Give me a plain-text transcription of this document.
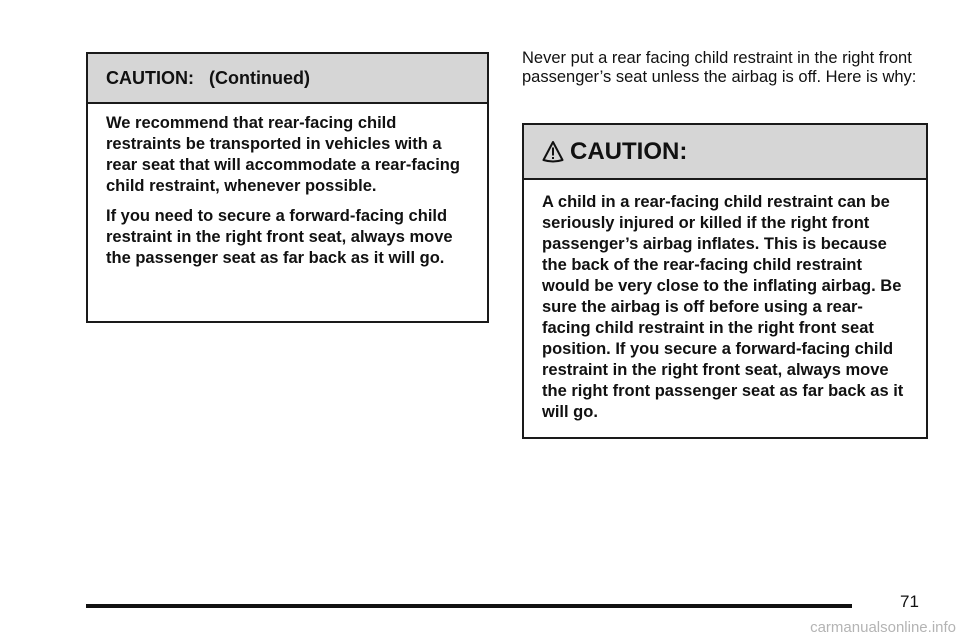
CAUTION:   (Continued)

We recommend that rear-facing child restraints be transported in vehicles with a rear seat that will accommodate a rear-facing child restraint, whenever possible.

If you need to secure a forward-facing child restraint in the right front seat, always move the passenger seat as far back as it will go.

Never put a rear facing child restraint in the right front passenger’s seat unless the airbag is off. Here is why:

CAUTION:

A child in a rear-facing child restraint can be seriously injured or killed if the right front passenger’s airbag inflates. This is because the back of the rear-facing child restraint would be very close to the inflating airbag. Be sure the airbag is off before using a rear-facing child restraint in the right front seat position. If you secure a forward-facing child restraint in the right front seat, always move the right front passenger seat as far back as it will go.

71
carmanualsonline.info
